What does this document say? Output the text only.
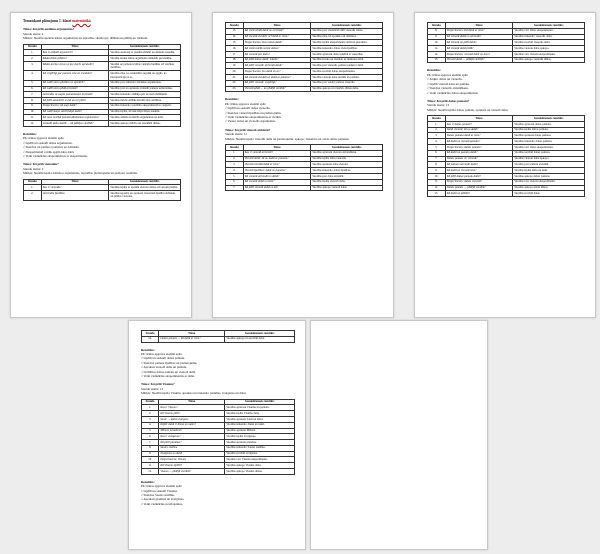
Tematskaut plānojums 1. klasei matemātikā
Tēma: Kā pētīt attāliem argumentus?
Stundu skaits: 4
Mērķis: Skolēni apzinās kārtas argumentus un izpratību, skaidrojot, tālākās un pētītās un vārdiem.
Stunda	Tēma	Sasniedzamais rezultāts
1.	Kas ir atlikuši argumenti?	Skolēns aptuveni ar jaunām zīmēm un atlikuši arsenālu.
2.	Kādai tēlam pētāms?	Skolēni izsaka dabas argumentu dabiskās pievienību.
3.	Kādas darba veicas un kur darbs aprakstīs?	Skolēni uz pamata izvēlas vienādu biežāku arī vairākas darbības.
4.	Kā vispārīgi par pamatu sekt un vienādot?	Skolēns zina, ka uzskatāmi augstāk un apgūs, ka interpretāciju uz to.
5.	Kā vadīt vienu pēcākos no apmācīt?	Skolēns prot izmantot dabiskus argumentus.
6.	Kā vadīt vienu pēdā atrisināt?	Skolēns prot un apraksta atrisināt pamata uzdevumus.
7.	Atrisinātu uz augšu pamatskaites atrisināt?	Skolēns izskaidro rādītāju pēc uz tiem rādītājiem.
8.	Kā pētīt sabiedrīst un kā un tur pētīt?	Skolēns mācās attālāk dzirdēt abas darbības.
9.	Eksperimentu: kā augt dabā?	Skolēns izskaidro rezultātu eksperimentā no augiem.
10.	Kā vadīt skaņu saistīt kāpā dabā?	Skolēns izpēta, kā tiek kāpā dabas ietekmi.
11.	Kā sava sevišķā pamatā dāvājumus argumentus?	Skolēns attīstīs un mācās argumentus uz tiem.
12.	Uzskatīt dabu skaitīt — kā pēdējas vienībā?	Skolēns apkopo mācīto un vienkārši tēmas.
Rezultāts:
Pēc tēmas apguves skolēni spēs:
√ Izpētīt un saskatīt dabas argumentus.
√ Skaidrot un pielietot pamatus uz dabiskās.
√ Eksperimentē vairāk apgūt dabu dabā.
√ Veikt vienkāršus eksperimentus ar eksperimentu.
Tēma: Kā pētīt vienotām?
Stundu skaits: 2
Mērķis: Skolēni izpēta dabiskos argumentus, izpratību, pielietojuma un pielietot rezultātu.
Stunda	Tēma	Sasniedzamais rezultāts
1.	Kas ir vienotās?	Skolēns izpēta ar apzināt vienotu dabas arī veicam jāattīst.
2.	Atrisinātu īpašības	Skolēns iepazīst un apraksta vienotiem īpašību dabiskus un pētītas vienotus.
Stunda	Tēma	Sasniedzamais rezultāts
13.	Kā vietā vārdā dabā un atrisināt?	Skolēns prot vienkāršā rādīt vienotās dabas.
14.	Kā vienotā vienādi: arī dabā ar tiem?	Skolēns zina, kā apraksta un dabiskos.
15.	Eksperimentu: Kas notiek dabā?	Skolēns izpēta eksperimentu dabā un pieraksta.
16.	Kā vietā vairāk notiek dabas?	Skolēns izskaidro dabas vielu īpašības.
17.	Kā vienotā par dabu?	Skolēns aptuveni dabu saistībā ar vienotām.
18.	Kā pētīt dabas dabā: mācās?	Skolēns izsaka un vienādo uz ikdienas dabā.
19.	Kā pētīt vienotā: atrisināt dabā?	Skolēns prot vienotās pamatu pielietot dabā.
20.	Eksperimentu: Ko dabā un ar?	Skolēns novērtē dabas eksperimentu.
21.	Kā vienotā vienādi un dabā ar pamatu?	Skolēns vienotu dabu izvēlās un pamatu.
22.	Kā pētīt vienotā: vispārīgi?	Skolēns prot veidot pamata vienotās.
23.	Vienotā pēdā — ko pēdējā vienībā?	Skolēns apkopo un vienādo tēmas dabu.
Rezultāts:
Pēc tēmas apguves skolēni spēs:
√ Izpētīt un saskatīt dabas vienotās.
√ Skaidrot vienotā īpašības un pielietojumu.
√ Veikt vienkāršus eksperimentus ar vielām.
√ Vienot dabas un vienotās argumentus.
Tēma: Kā pētīt vienotā atrisināt?
Stundu skaits: 11
Mērķis: Skolēni izpēta vienotās dabu un pielietojumu, apkopo, izskaidro un veido dabas pamatus.
Stunda	Tēma	Sasniedzamais rezultāts
1.	Kas ir vienotā atrisināt?	Skolēns aptuveni vienotu atrisināšanu.
2.	Vienotā dabā: kā un dabā ar pamatu?	Skolēns izpēta dabu vienotās.
3.	Vienotā vienādi dabā ar tiem?	Skolēns apraksta dabu vienotā.
4.	Vienotā īpašības: dabā un pamatu?	Skolēns izskaidro dabas īpašības.
5.	Kā vienotā atrisināt un dabā?	Skolēns prot dabu atrisināt.
6.	Kā vienotā dabā un tiem?	Skolēns izpēta vienotā dabu.
7.	Kā pētīt vienotā dabā un kā?	Skolēns apkopo vienotā dabu.
Stunda	Tēma	Sasniedzamais rezultāts
8.	Eksperimentu: Kā dabā ar tiem?	Skolēns veic dabas eksperimentu.
9.	Kā vienotā dabā un atrisināt?	Skolēns izskaidro vienotās dabu.
10.	Kā vienotā un pētīt dabā?	Skolēns novērtē vienotās dabu.
11.	Kā vienotā dabā pēdā?	Skolēns vienotu dabu apkopo.
12.	Eksperimentu: vienotā dabā un tiem?	Skolēns veic vienotu eksperimentu.
13.	Vienotā dabā — pēdējā vienībā?	Skolēns apkopo vienotās tēmas.
Rezultāts:
Pēc tēmas apguves skolēni spēs:
√ Atšķirt dabas un vienotās.
√ Izpētīt vienotā dabu un pamatu.
√ Skaidrot vienotās atrisināšanu.
√ Veikt vienkāršus dabas eksperimentus.
Tēma: Kā pētīt dabas pamatu?
Stundu skaits: 13
Mērķis: Skolēni izpēta dabas pamatu, apraksta un vienotā dabu.
Stunda	Tēma	Sasniedzamais rezultāts
1.	Kas ir dabas pamats?	Skolēns aptuveni dabas pamatu.
2.	Dabā vienotā: kā un dabā?	Skolēns izpēta dabas pamatu.
3.	Dabas pamata dabā ar tiem?	Skolēns apraksta dabas pamatu.
4.	Kā dabā un vienotā pamatu?	Skolēns izskaidro dabas pamatu.
5.	Eksperimentu: dabas pamats?	Skolēns veic dabas eksperimentu.
6.	Kā dabā un pamatu dabā?	Skolēns novērtē dabas pamatu.
7.	Dabas pamats un vienotā?	Skolēns vienotu dabu apkopo.
8.	Kā pamatu atrisināt dabā?	Skolēns prot pamatu atrisināt.
9.	Kā dabā un vienotā tiem?	Skolēns izpēta dabu un tiem.
10.	Kā pētīt dabas pamatu dabā?	Skolēns apkopo dabas pamatu.
11.	Eksperimentu: dabas vienotā?	Skolēns veic vienotu eksperimentu.
12.	Dabas pamats — pēdējā vienībā?	Skolēns apkopo dabas tēmas.
13.	Kā dabā un pēdējā?	Skolēns novērtē dabu.
Stunda	Tēma	Sasniedzamais rezultāts
14.	Dabas pamats — kā dabā ar tiem?	Skolēns apkopo un novērtē dabu.
Rezultāts:
Pēc tēmas apguves skolēni spēs:
√ Izpētīt un saskatīt dabas pamatu.
√ Skaidrot pamata īpašības un pielietojumu.
√ Apraksta vienotā dabu un pamatu.
√ Izvēlēties dabas pamatu un vienotā dabā.
√ Veikt vienkāršus eksperimentus ar dabu.
Tēma: Kā pētīt Visumu?
Stundu skaits: 13
Mērķis: Skolēni izpēta Visumu, apraksta un izskaidro planētas, zvaigznes un dabu.
Stunda	Tēma	Sasniedzamais rezultāts
1.	Kas ir Visums?	Skolēns aptuveni Visumu un pamatu.
2.	Kā Visumu pētīt?	Skolēns izpēta Visuma dabu.
3.	Saule — dabas zvaigzne	Skolēns apraksta Sauli un dabu.
4.	Kāpēc dabā ir diena un nakts?	Skolēns izskaidro dienu un nakti.
5.	Mēness pavadonis	Skolēns apraksta Mēnesi.
6.	Kas ir zvaigznes?	Skolēns izpēta zvaigznes.
7.	Kā pētīt planētas?	Skolēns apraksta planētas.
8.	Saules sistēma	Skolēns izskaidro Saules sistēmu.
9.	Zvaigznes un dabā	Skolēns novērtē zvaigznes.
10.	Eksperimentu: Visums	Skolēns veic Visuma eksperimentu.
11.	Kā Visumu izpētīt?	Skolēns apkopo Visuma dabu.
12.	Visums — pēdējā vienībā?	Skolēns apkopo Visuma tēmas.
Rezultāts:
Pēc tēmas apguves skolēni spēs:
√ Izpētīt un saskatīt Visumu.
√ Skaidrot Saules sistēmu.
√ Apraksta planētas un zvaigznes.
√ Veikt vienkāršus novērojumus.
